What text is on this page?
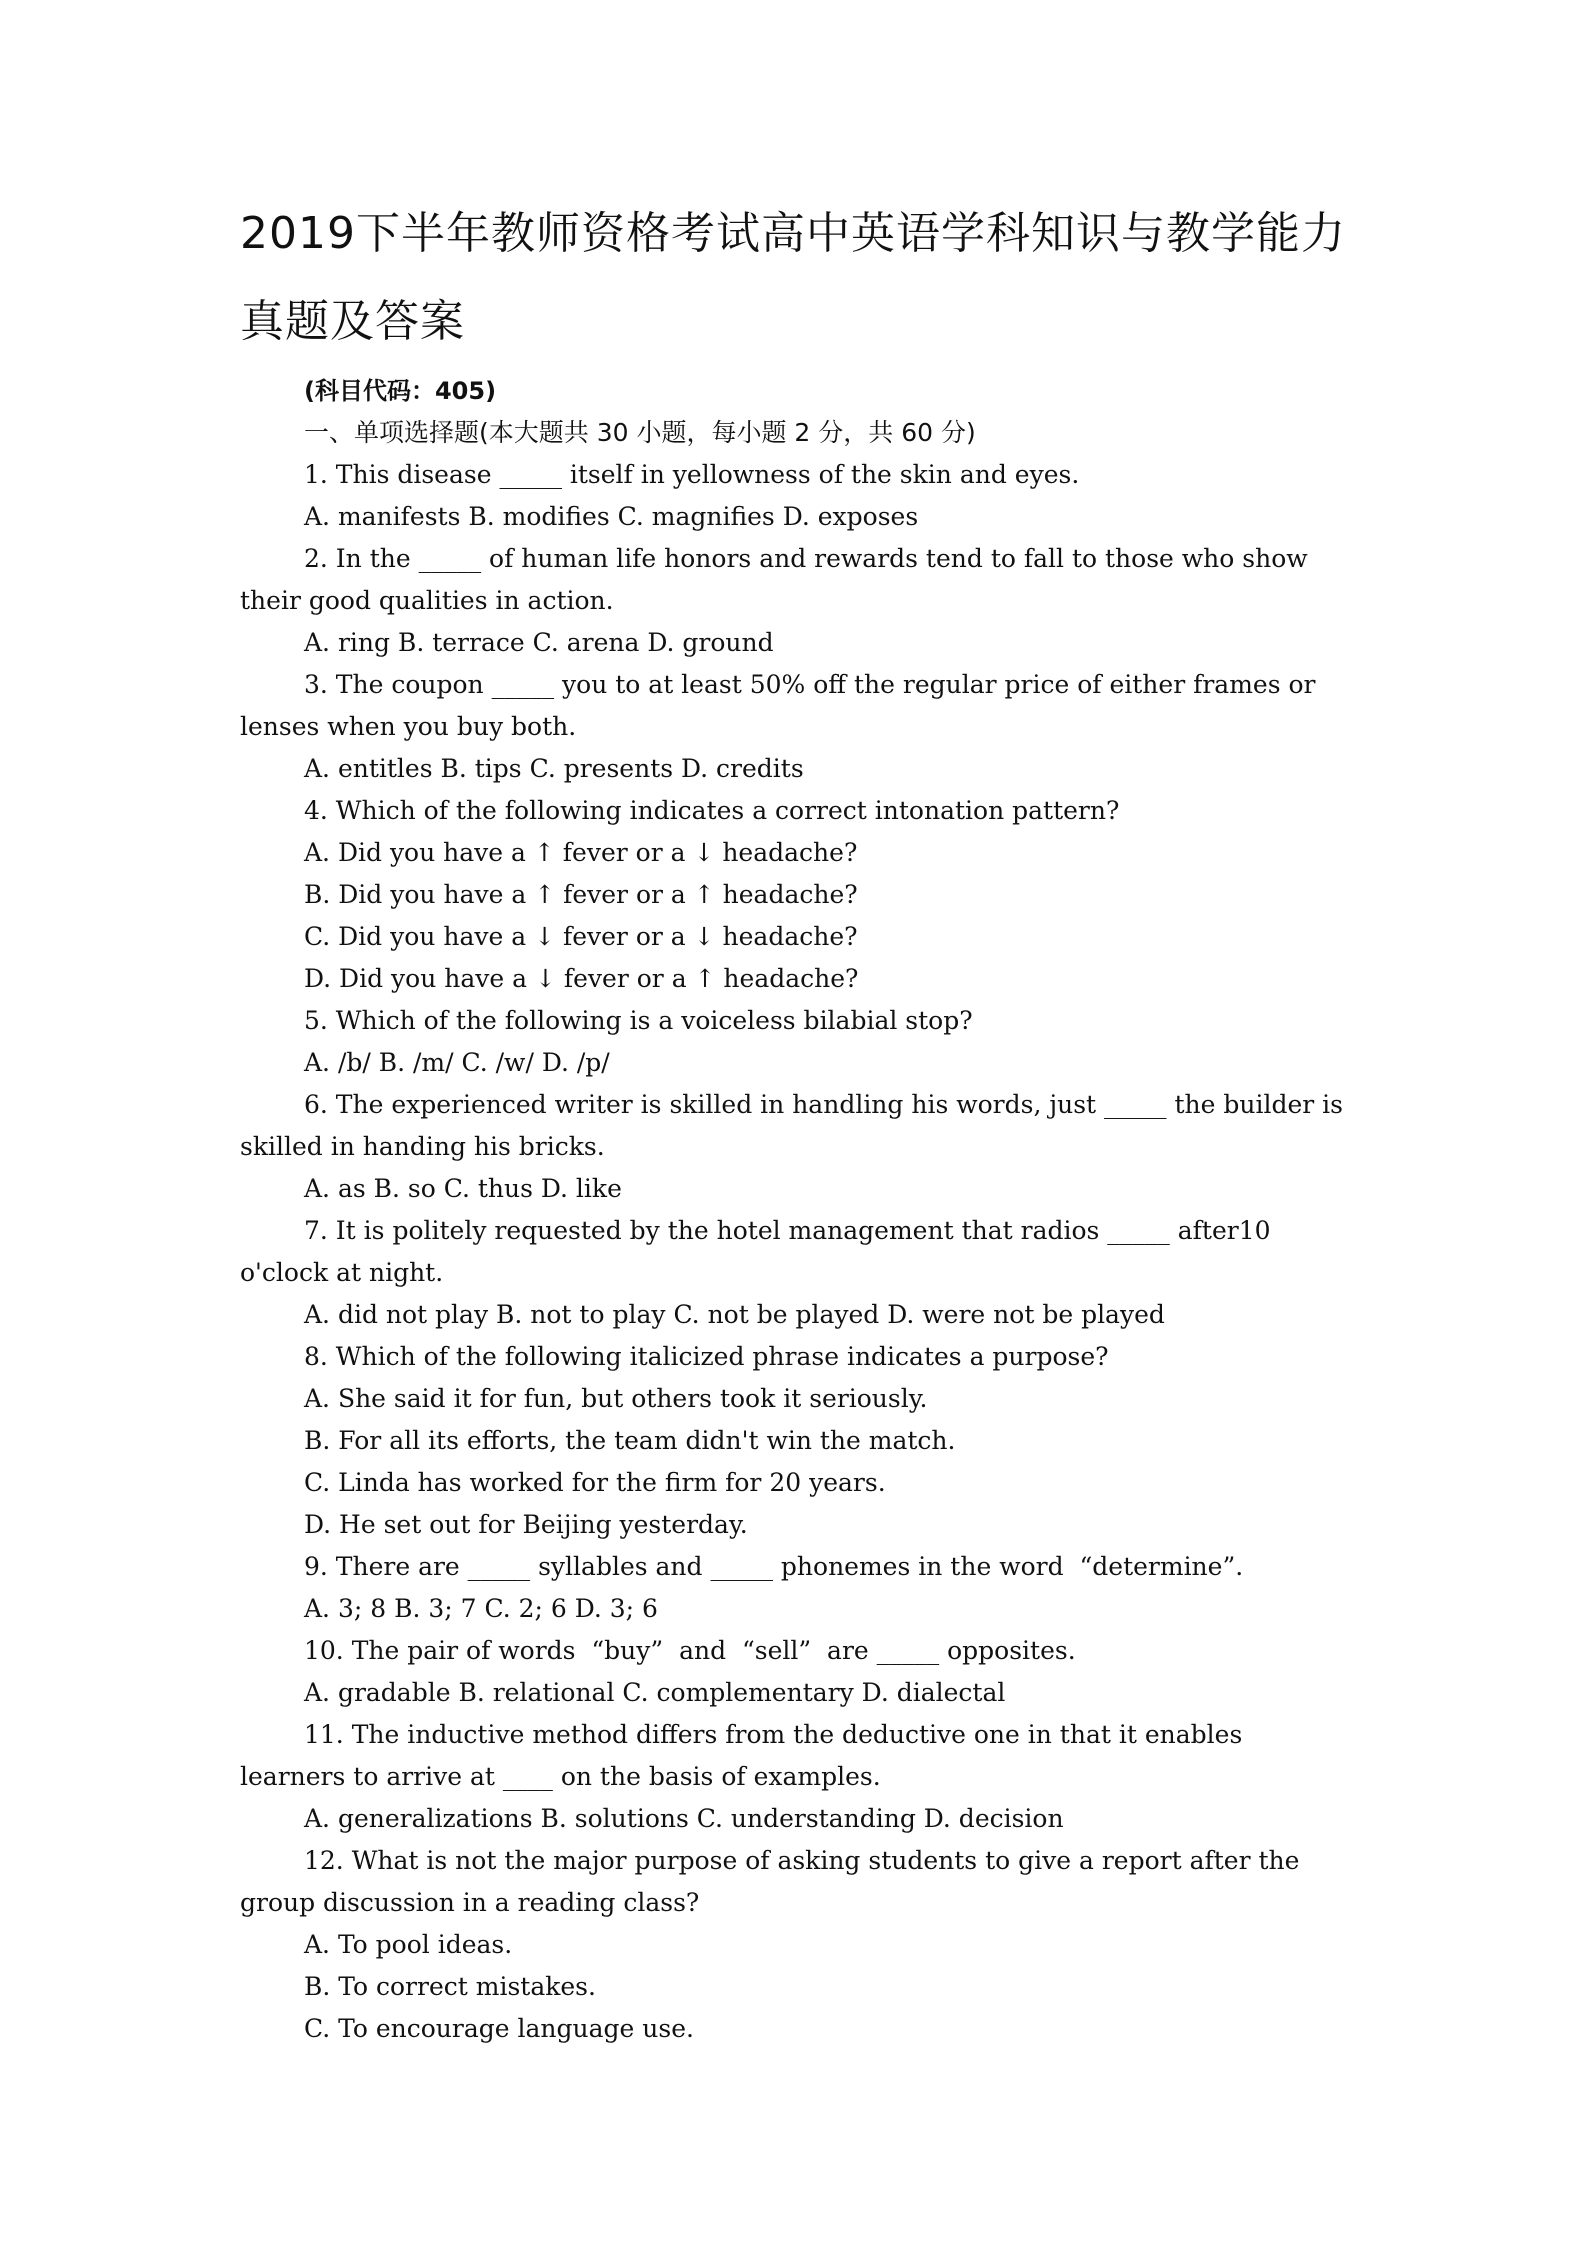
2019下半年教师资格考试高中英语学科知识与教学能力真题及答案
(科目代码：405)
一、单项选择题(本大题共 30 小题，每小题 2 分，共 60 分)

1. This disease _____ itself in yellowness of the skin and eyes.

A. manifests B. modifies C. magnifies D. exposes

2. In the _____ of human life honors and rewards tend to fall to those who show their good qualities in action.

A. ring B. terrace C. arena D. ground

3. The coupon _____ you to at least 50% off the regular price of either frames or lenses when you buy both.

A. entitles B. tips C. presents D. credits

4. Which of the following indicates a correct intonation pattern?

A. Did you have a ↑ fever or a ↓ headache?

B. Did you have a ↑ fever or a ↑ headache?

C. Did you have a ↓ fever or a ↓ headache?

D. Did you have a ↓ fever or a ↑ headache?

5. Which of the following is a voiceless bilabial stop?

A. /b/ B. /m/ C. /w/ D. /p/

6. The experienced writer is skilled in handling his words, just _____ the builder is skilled in handing his bricks.

A. as B. so C. thus D. like

7. It is politely requested by the hotel management that radios _____ after10 o'clock at night.

A. did not play B. not to play C. not be played D. were not be played

8. Which of the following italicized phrase indicates a purpose?

A. She said it for fun, but others took it seriously.

B. For all its efforts, the team didn't win the match.

C. Linda has worked for the firm for 20 years.

D. He set out for Beijing yesterday.

9. There are _____ syllables and _____ phonemes in the word  “determine”.

A. 3; 8 B. 3; 7 C. 2; 6 D. 3; 6

10. The pair of words  “buy”  and  “sell”  are _____ opposites.

A. gradable B. relational C. complementary D. dialectal

11. The inductive method differs from the deductive one in that it enables learners to arrive at ____ on the basis of examples.

A. generalizations B. solutions C. understanding D. decision

12. What is not the major purpose of asking students to give a report after the group discussion in a reading class?

A. To pool ideas.

B. To correct mistakes.

C. To encourage language use.
